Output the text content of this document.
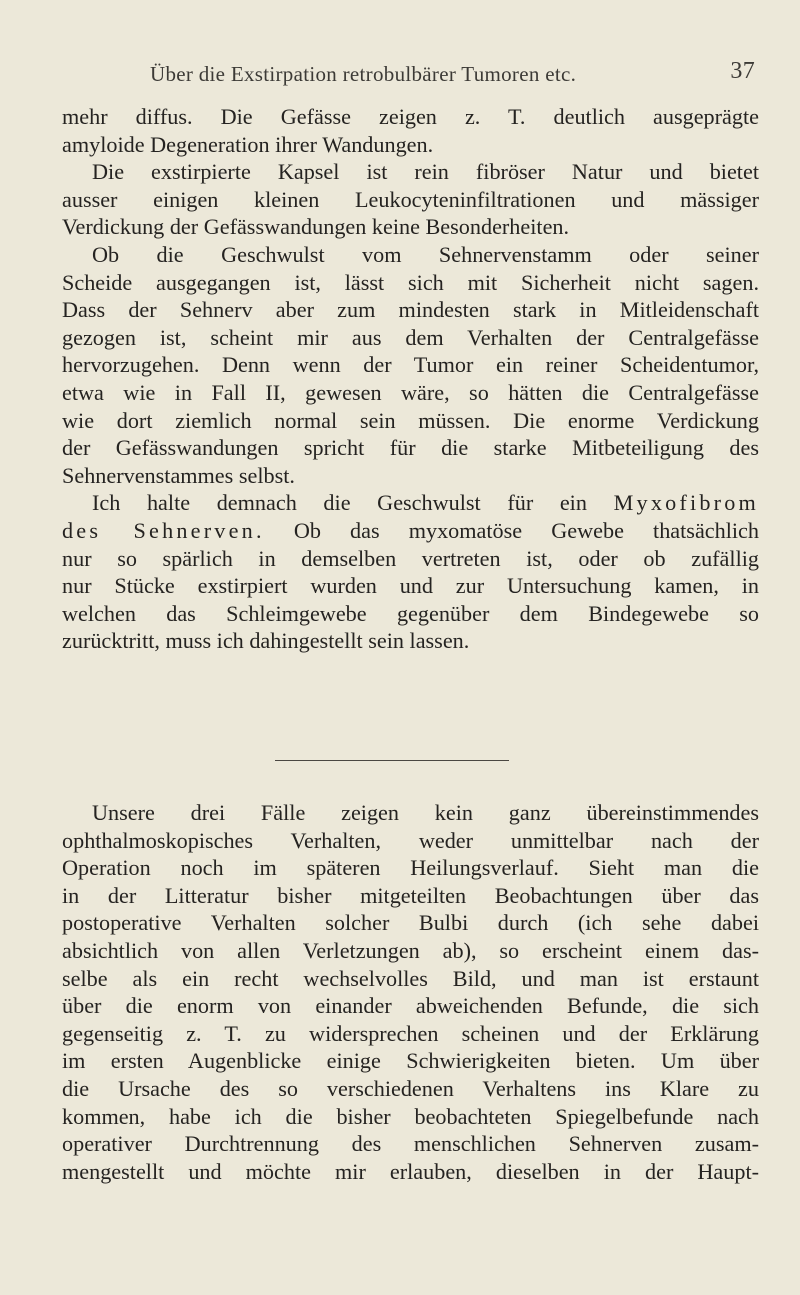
Über die Exstirpation retrobulbärer Tumoren etc.	37
mehr diffus. Die Gefässe zeigen z. T. deutlich ausgeprägte
amyloide Degeneration ihrer Wandungen.
Die exstirpierte Kapsel ist rein fibröser Natur und bietet
ausser einigen kleinen Leukocyteninfiltrationen und mässiger
Verdickung der Gefässwandungen keine Besonderheiten.
Ob die Geschwulst vom Sehnervenstamm oder seiner
Scheide ausgegangen ist, lässt sich mit Sicherheit nicht sagen.
Dass der Sehnerv aber zum mindesten stark in Mitleidenschaft
gezogen ist, scheint mir aus dem Verhalten der Centralgefässe
hervorzugehen. Denn wenn der Tumor ein reiner Scheidentumor,
etwa wie in Fall II, gewesen wäre, so hätten die Centralgefässe
wie dort ziemlich normal sein müssen. Die enorme Verdickung
der Gefässwandungen spricht für die starke Mitbeteiligung des
Sehnervenstammes selbst.
Ich halte demnach die Geschwulst für ein Myxofibrom
des Sehnerven. Ob das myxomatöse Gewebe thatsächlich
nur so spärlich in demselben vertreten ist, oder ob zufällig
nur Stücke exstirpiert wurden und zur Untersuchung kamen, in
welchen das Schleimgewebe gegenüber dem Bindegewebe so
zurücktritt, muss ich dahingestellt sein lassen.
Unsere drei Fälle zeigen kein ganz übereinstimmendes
ophthalmoskopisches Verhalten, weder unmittelbar nach der
Operation noch im späteren Heilungsverlauf. Sieht man die
in der Litteratur bisher mitgeteilten Beobachtungen über das
postoperative Verhalten solcher Bulbi durch (ich sehe dabei
absichtlich von allen Verletzungen ab), so erscheint einem das-
selbe als ein recht wechselvolles Bild, und man ist erstaunt
über die enorm von einander abweichenden Befunde, die sich
gegenseitig z. T. zu widersprechen scheinen und der Erklärung
im ersten Augenblicke einige Schwierigkeiten bieten. Um über
die Ursache des so verschiedenen Verhaltens ins Klare zu
kommen, habe ich die bisher beobachteten Spiegelbefunde nach
operativer Durchtrennung des menschlichen Sehnerven zusam-
mengestellt und möchte mir erlauben, dieselben in der Haupt-
